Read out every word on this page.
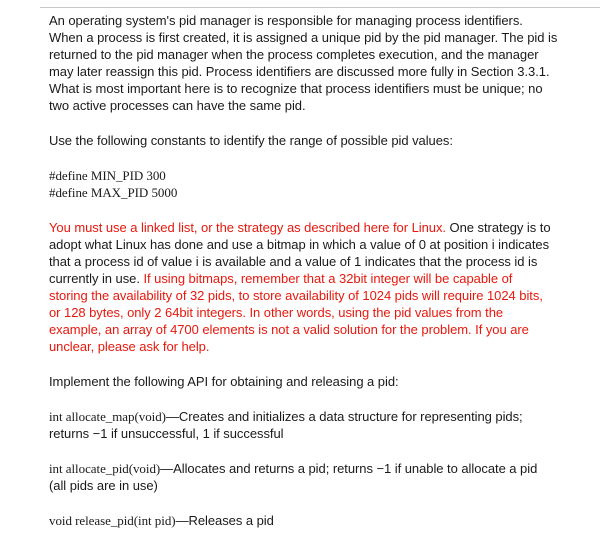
An operating system's pid manager is responsible for managing process identifiers.
When a process is first created, it is assigned a unique pid by the pid manager. The pid is
returned to the pid manager when the process completes execution, and the manager
may later reassign this pid. Process identifiers are discussed more fully in Section 3.3.1.
What is most important here is to recognize that process identifiers must be unique; no
two active processes can have the same pid.
Use the following constants to identify the range of possible pid values:
#define MIN_PID 300
#define MAX_PID 5000
You must use a linked list, or the strategy as described here for Linux. One strategy is to
adopt what Linux has done and use a bitmap in which a value of 0 at position i indicates
that a process id of value i is available and a value of 1 indicates that the process id is
currently in use. If using bitmaps, remember that a 32bit integer will be capable of
storing the availability of 32 pids, to store availability of 1024 pids will require 1024 bits,
or 128 bytes, only 2 64bit integers. In other words, using the pid values from the
example, an array of 4700 elements is not a valid solution for the problem. If you are
unclear, please ask for help.
Implement the following API for obtaining and releasing a pid:
int allocate_map(void)—Creates and initializes a data structure for representing pids;
returns −1 if unsuccessful, 1 if successful
int allocate_pid(void)—Allocates and returns a pid; returns −1 if unable to allocate a pid
(all pids are in use)
void release_pid(int pid)—Releases a pid
